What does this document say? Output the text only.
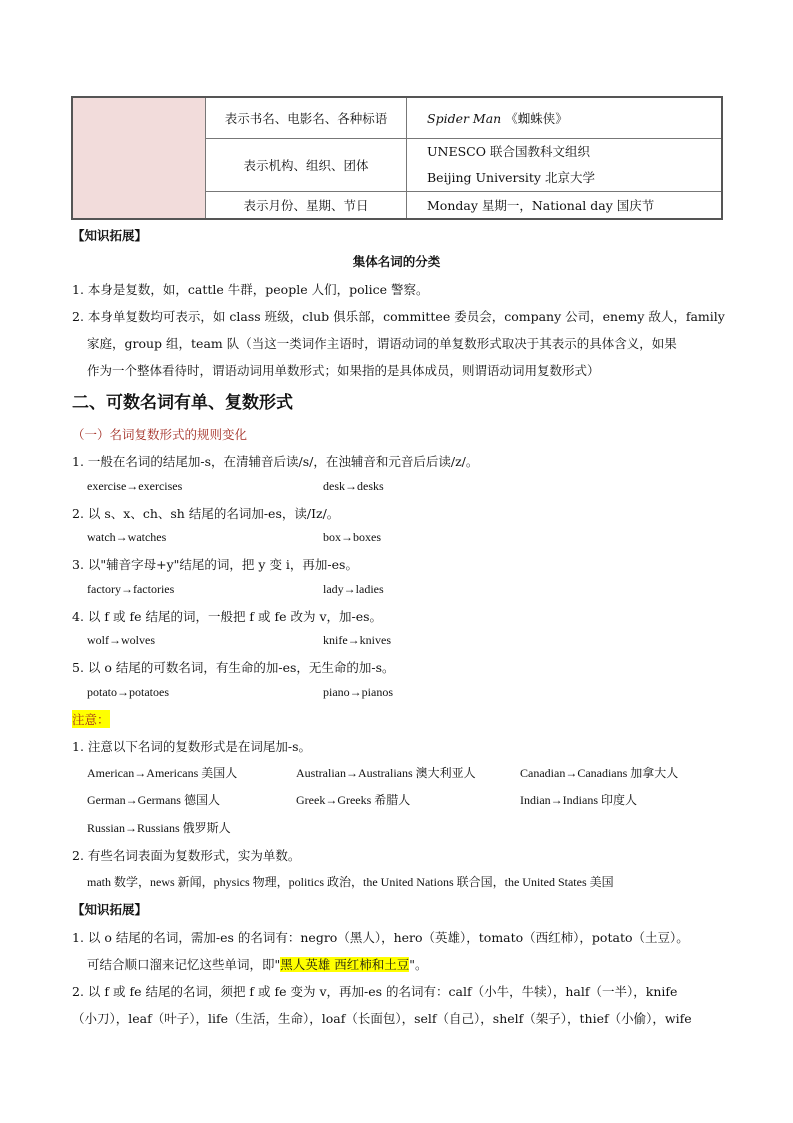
	表示书名、电影名、各种标语	Spider Man 《蜘蛛侠》
	表示机构、组织、团体	UNESCO 联合国教科文组织
Beijing University 北京大学

	表示月份、星期、节日	Monday 星期一，National day 国庆节
【知识拓展】
集体名词的分类
1. 本身是复数，如，cattle 牛群，people 人们，police 警察。
2. 本身单复数均可表示，如 class 班级，club 俱乐部，committee 委员会，company 公司，enemy 敌人，family
家庭，group 组，team 队（当这一类词作主语时，谓语动词的单复数形式取决于其表示的具体含义，如果
作为一个整体看待时，谓语动词用单数形式；如果指的是具体成员，则谓语动词用复数形式）
二、可数名词有单、复数形式
（一）名词复数形式的规则变化
1. 一般在名词的结尾加-s，在清辅音后读/s/，在浊辅音和元音后后读/z/。
exercise→exercises	desk→desks
2. 以 s、x、ch、sh 结尾的名词加-es，读/Iz/。
watch→watches	box→boxes
3. 以"辅音字母+y"结尾的词，把 y 变 i，再加-es。
factory→factories	lady→ladies
4. 以 f 或 fe 结尾的词，一般把 f 或 fe 改为 v，加-es。
wolf→wolves	knife→knives
5. 以 o 结尾的可数名词，有生命的加-es，无生命的加-s。
potato→potatoes	piano→pianos
注意：
1. 注意以下名词的复数形式是在词尾加-s。
American→Americans 美国人	Australian→Australians 澳大利亚人	Canadian→Canadians 加拿大人
German→Germans 德国人	Greek→Greeks 希腊人	Indian→Indians 印度人
Russian→Russians 俄罗斯人
2. 有些名词表面为复数形式，实为单数。
math 数学，news 新闻，physics 物理，politics 政治，the United Nations 联合国，the United States 美国
【知识拓展】
1. 以 o 结尾的名词，需加-es 的名词有：negro（黑人），hero（英雄），tomato（西红柿），potato（土豆）。
可结合顺口溜来记忆这些单词，即"黑人英雄 西红柿和土豆"。
2. 以 f 或 fe 结尾的名词，须把 f 或 fe 变为 v，再加-es 的名词有：calf（小牛，牛犊），half（一半），knife
（小刀），leaf（叶子），life（生活，生命），loaf（长面包），self（自己），shelf（架子），thief（小偷），wife
